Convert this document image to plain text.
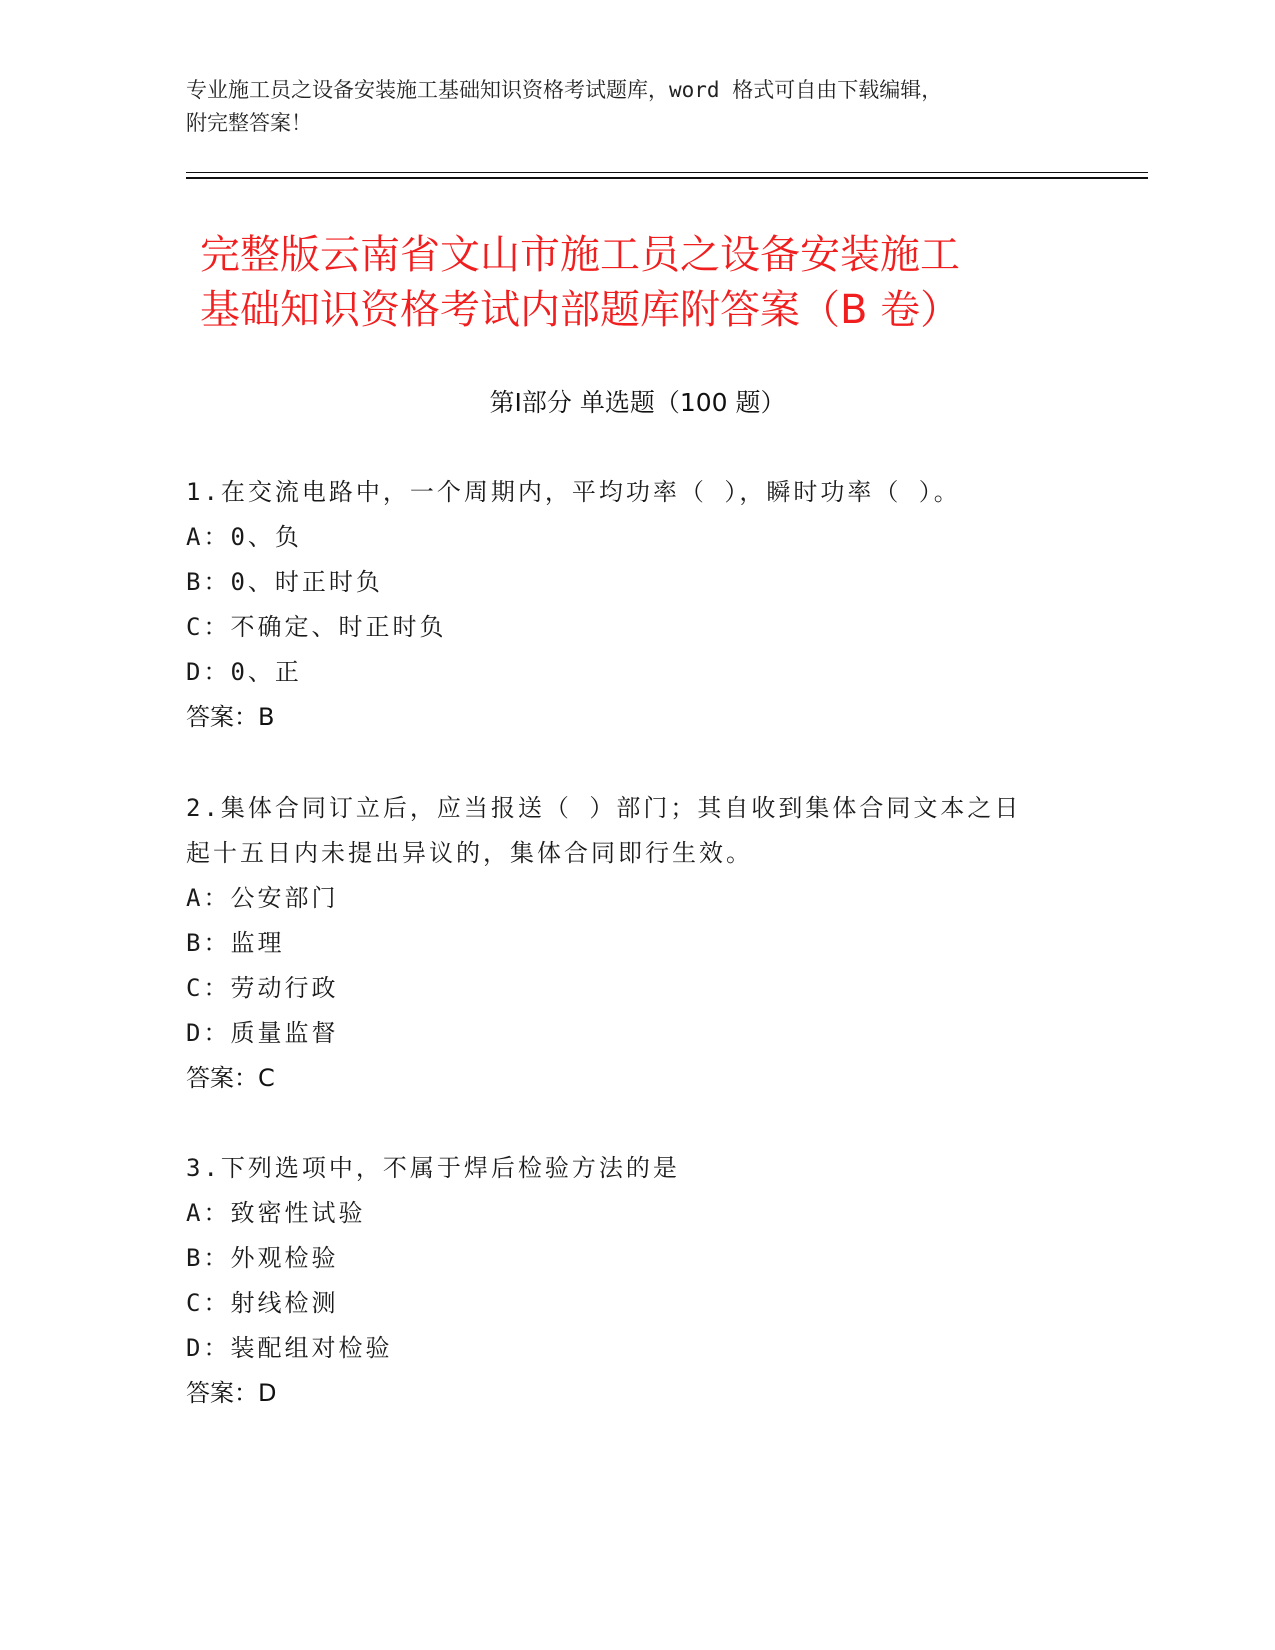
专业施工员之设备安装施工基础知识资格考试题库，word 格式可自由下载编辑，
附完整答案！
完整版云南省文山市施工员之设备安装施工
基础知识资格考试内部题库附答案（B 卷）
第Ⅰ部分 单选题（100 题）

1.在交流电路中，一个周期内，平均功率（ ），瞬时功率（ ）。

A：0、负

B：0、时正时负

C：不确定、时正时负

D：0、正

答案：B

2.集体合同订立后，应当报送（ ）部门；其自收到集体合同文本之日

起十五日内未提出异议的，集体合同即行生效。

A：公安部门

B：监理

C：劳动行政

D：质量监督

答案：C

3.下列选项中，不属于焊后检验方法的是

A：致密性试验

B：外观检验

C：射线检测

D：装配组对检验

答案：D
